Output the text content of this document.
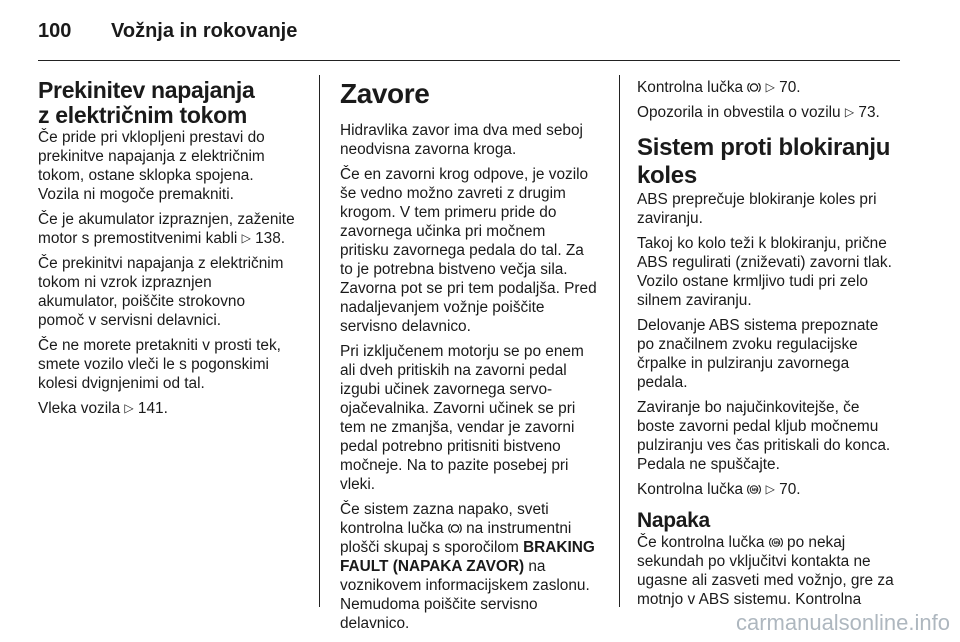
100 Vožnja in rokovanje
Prekinitev napajanja
z električnim tokom

Če pride pri vklopljeni prestavi do
prekinitve napajanja z električnim
tokom, ostane sklopka spojena.
Vozila ni mogoče premakniti.

Če je akumulator izpraznjen, zaženite
motor s premostitvenimi kabli ▷ 138.

Če prekinitvi napajanja z električnim
tokom ni vzrok izpraznjen
akumulator, poiščite strokovno
pomoč v servisni delavnici.

Če ne morete pretakniti v prosti tek,
smete vozilo vleči le s pogonskimi
kolesi dvignjenimi od tal.

Vleka vozila ▷ 141.

Zavore

Hidravlika zavor ima dva med seboj
neodvisna zavorna kroga.

Če en zavorni krog odpove, je vozilo
še vedno možno zavreti z drugim
krogom. V tem primeru pride do
zavornega učinka pri močnem
pritisku zavornega pedala do tal. Za
to je potrebna bistveno večja sila.
Zavorna pot se pri tem podaljša. Pred
nadaljevanjem vožnje poiščite
servisno delavnico.

Pri izključenem motorju se po enem
ali dveh pritiskih na zavorni pedal
izgubi učinek zavornega servo-
ojačevalnika. Zavorni učinek se pri
tem ne zmanjša, vendar je zavorni
pedal potrebno pritisniti bistveno
močneje. Na to pazite posebej pri
vleki.

Če sistem zazna napako, sveti
kontrolna lučka na instrumentni
plošči skupaj s sporočilom BRAKING
FAULT (NAPAKA ZAVOR) na
voznikovem informacijskem zaslonu.
Nemudoma poiščite servisno
delavnico.

Kontrolna lučka ▷ 70.

Opozorila in obvestila o vozilu ▷ 73.

Sistem proti blokiranju
koles

ABS preprečuje blokiranje koles pri
zaviranju.

Takoj ko kolo teži k blokiranju, prične
ABS regulirati (zniževati) zavorni tlak.
Vozilo ostane krmljivo tudi pri zelo
silnem zaviranju.

Delovanje ABS sistema prepoznate
po značilnem zvoku regulacijske
črpalke in pulziranju zavornega
pedala.

Zaviranje bo najučinkovitejše, če
boste zavorni pedal kljub močnemu
pulziranju ves čas pritiskali do konca.
Pedala ne spuščajte.

Kontrolna lučka ▷ 70.

Napaka

Če kontrolna lučka po nekaj
sekundah po vključitvi kontakta ne
ugasne ali zasveti med vožnjo, gre za
motnjo v ABS sistemu. Kontrolna

carmanualsonline.info
